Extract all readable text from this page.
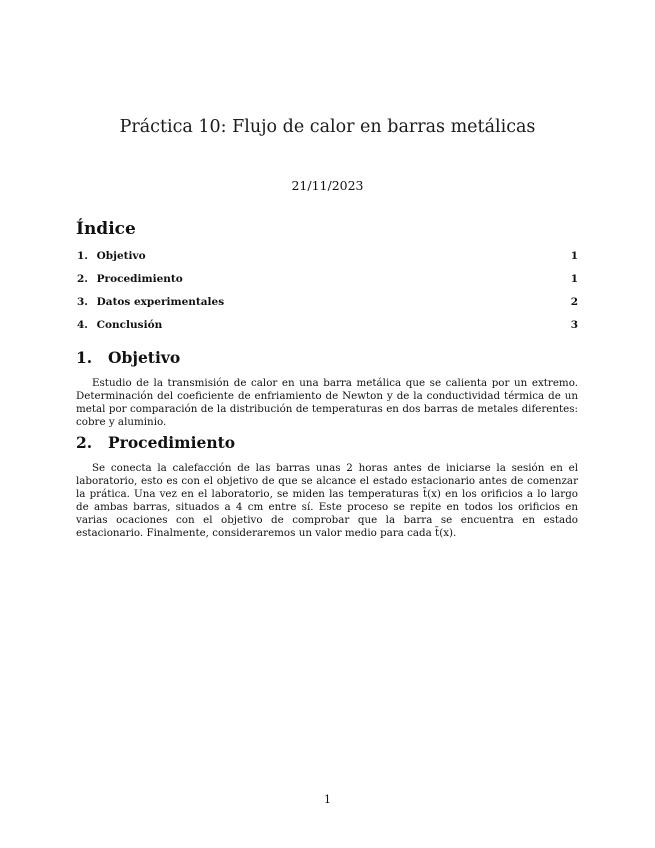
Práctica 10: Flujo de calor en barras metálicas
21/11/2023
Índice
1. Objetivo	1
2. Procedimiento	1
3. Datos experimentales	2
4. Conclusión	3
1. Objetivo

Estudio de la transmisión de calor en una barra metálica que se calienta por un extremo. Determinación del coeficiente de enfriamiento de Newton y de la conductividad térmica de un metal por comparación de la distribución de temperaturas en dos barras de metales diferentes: cobre y aluminio.

2. Procedimiento

Se conecta la calefacción de las barras unas 2 horas antes de iniciarse la sesión en el laboratorio, esto es con el objetivo de que se alcance el estado estacionario antes de comenzar la prática. Una vez en el laboratorio, se miden las temperaturas t̄(x) en los orificios a lo largo de ambas barras, situados a 4 cm entre sí. Este proceso se repite en todos los orificios en varias ocaciones con el objetivo de comprobar que la barra se encuentra en estado estacionario. Finalmente, consideraremos un valor medio para cada t̄(x).

1
